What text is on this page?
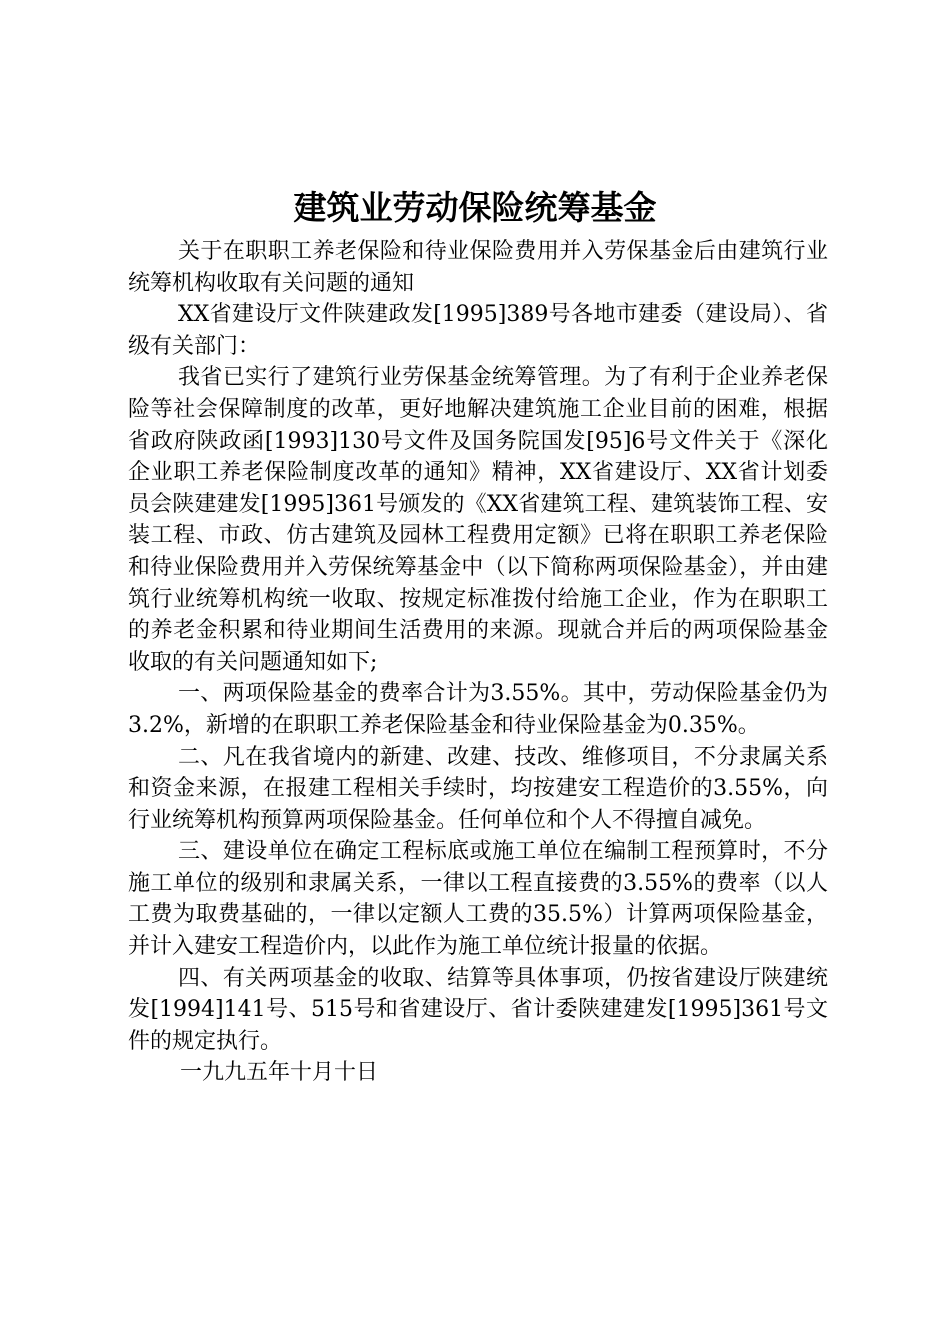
建筑业劳动保险统筹基金

关于在职职工养老保险和待业保险费用并入劳保基金后由建筑行业统筹机构收取有关问题的通知

XX省建设厅文件陕建政发[1995]389号各地市建委（建设局）、省级有关部门：

我省已实行了建筑行业劳保基金统筹管理。为了有利于企业养老保险等社会保障制度的改革，更好地解决建筑施工企业目前的困难，根据省政府陕政函[1993]130号文件及国务院国发[95]6号文件关于《深化企业职工养老保险制度改革的通知》精神，XX省建设厅、XX省计划委员会陕建建发[1995]361号颁发的《XX省建筑工程、建筑装饰工程、安装工程、市政、仿古建筑及园林工程费用定额》已将在职职工养老保险和待业保险费用并入劳保统筹基金中（以下简称两项保险基金），并由建筑行业统筹机构统一收取、按规定标准拨付给施工企业，作为在职职工的养老金积累和待业期间生活费用的来源。现就合并后的两项保险基金收取的有关问题通知如下;

一、两项保险基金的费率合计为3.55%。其中，劳动保险基金仍为3.2%，新增的在职职工养老保险基金和待业保险基金为0.35%。

二、凡在我省境内的新建、改建、技改、维修项目，不分隶属关系和资金来源，在报建工程相关手续时，均按建安工程造价的3.55%，向行业统筹机构预算两项保险基金。任何单位和个人不得擅自减免。

三、建设单位在确定工程标底或施工单位在编制工程预算时，不分施工单位的级别和隶属关系，一律以工程直接费的3.55%的费率（以人工费为取费基础的，一律以定额人工费的35.5%）计算两项保险基金，并计入建安工程造价内，以此作为施工单位统计报量的依据。

四、有关两项基金的收取、结算等具体事项，仍按省建设厅陕建统发[1994]141号、515号和省建设厅、省计委陕建建发[1995]361号文件的规定执行。

一九九五年十月十日
